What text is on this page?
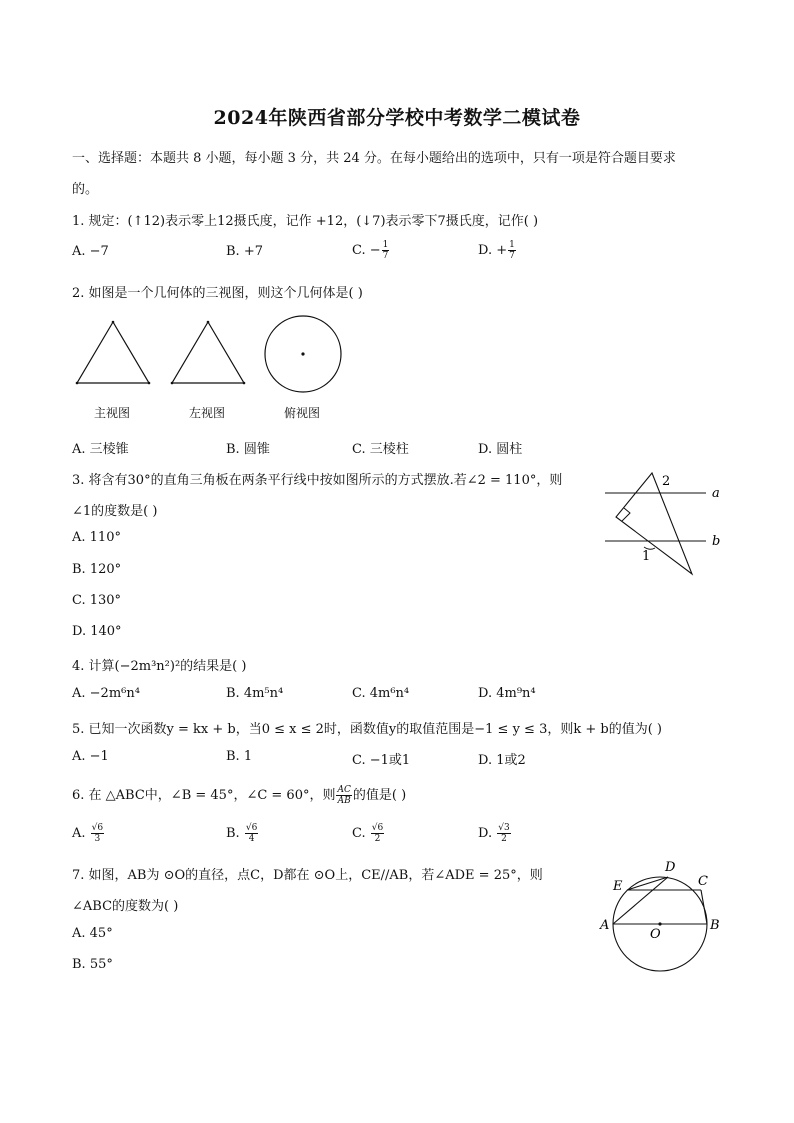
2024年陕西省部分学校中考数学二模试卷
一、选择题：本题共 8 小题，每小题 3 分，共 24 分。在每小题给出的选项中，只有一项是符合题目要求
的。
1. 规定：(↑12)表示零上12摄氏度，记作 +12，(↓7)表示零下7摄氏度，记作( )
A. −7	B. +7	C. − $\frac{1}{7}$	D. + $\frac{1}{7}$
2. 如图是一个几何体的三视图，则这个几何体是( )
主视图	左视图	俯视图
A. 三棱锥	B. 圆锥	C. 三棱柱	D. 圆柱
3. 将含有30°的直角三角板在两条平行线中按如图所示的方式摆放.若∠2 = 110°，则
∠1的度数是( )
A. 110°
B. 120°
C. 130°
D. 140°
2
1
a
b
4. 计算(−2m³n²)²的结果是( )
A. −2m⁶n⁴	B. 4m⁵n⁴	C. 4m⁶n⁴	D. 4m⁹n⁴
5. 已知一次函数y = kx + b，当0 ≤ x ≤ 2时，函数值y的取值范围是−1 ≤ y ≤ 3，则k + b的值为( )
A. −1	B. 1	C. −1或1	D. 1或2
6. 在 △ABC中，∠B = 45°，∠C = 60°，则 $\frac{AC}{AB}$ 的值是( )
A. $\frac{√6}{3}$	B. $\frac{√6}{4}$	C. $\frac{√6}{2}$	D. $\frac{√3}{2}$
7. 如图，AB为 ⊙O的直径，点C，D都在 ⊙O上，CE//AB，若∠ADE = 25°，则
∠ABC的度数为( )
A. 45°
B. 55°
A	B
C
D
E
O
